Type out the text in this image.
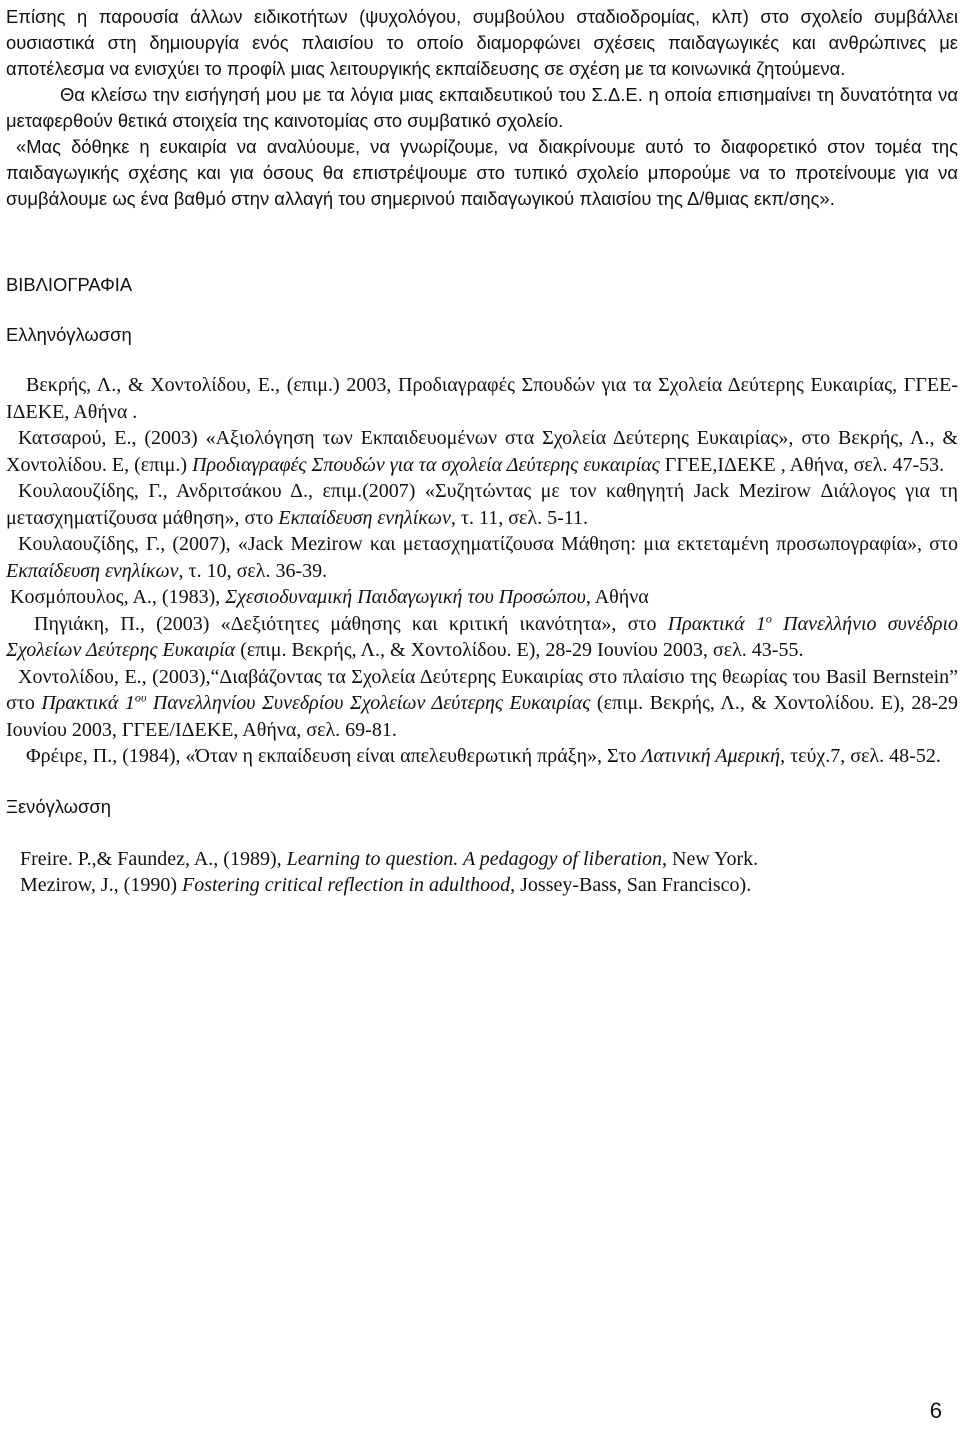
Επίσης η παρουσία άλλων ειδικοτήτων (ψυχολόγου, συμβούλου σταδιοδρομίας, κλπ) στο σχολείο συμβάλλει ουσιαστικά στη δημιουργία ενός πλαισίου το οποίο διαμορφώνει σχέσεις παιδαγωγικές και ανθρώπινες με αποτέλεσμα να ενισχύει το προφίλ μιας λειτουργικής εκπαίδευσης σε σχέση με τα κοινωνικά ζητούμενα.

Θα κλείσω την εισήγησή μου με τα λόγια μιας εκπαιδευτικού του Σ.Δ.Ε. η οποία επισημαίνει τη δυνατότητα να μεταφερθούν θετικά στοιχεία της καινοτομίας στο συμβατικό σχολείο.

«Μας δόθηκε η ευκαιρία να αναλύουμε, να γνωρίζουμε, να διακρίνουμε αυτό το διαφορετικό στον τομέα της παιδαγωγικής σχέσης και για όσους θα επιστρέψουμε στο τυπικό σχολείο μπορούμε να το προτείνουμε για να συμβάλουμε ως ένα βαθμό στην αλλαγή του σημερινού παιδαγωγικού πλαισίου της Δ/θμιας εκπ/σης».

ΒΙΒΛΙΟΓΡΑΦΙΑ

Ελληνόγλωσση

Βεκρής, Λ., & Χοντολίδου, Ε., (επιμ.) 2003, Προδιαγραφές Σπουδών για τα Σχολεία Δεύτερης Ευκαιρίας, ΓΓΕΕ-ΙΔΕΚΕ, Αθήνα .

Κατσαρού, Ε., (2003) «Αξιολόγηση των Εκπαιδευομένων στα Σχολεία Δεύτερης Ευκαιρίας», στο Βεκρής, Λ., & Χοντολίδου. Ε, (επιμ.) Προδιαγραφές Σπουδών για τα σχολεία Δεύτερης ευκαιρίας ΓΓΕΕ,ΙΔΕΚΕ , Αθήνα, σελ. 47-53.

Κουλαουζίδης, Γ., Ανδριτσάκου Δ., επιμ.(2007) «Συζητώντας με τον καθηγητή Jack Mezirow Διάλογος για τη μετασχηματίζουσα μάθηση», στο Εκπαίδευση ενηλίκων, τ. 11, σελ. 5-11.

Κουλαουζίδης, Γ., (2007), «Jack Mezirow και μετασχηματίζουσα Μάθηση: μια εκτεταμένη προσωπογραφία», στο Εκπαίδευση ενηλίκων, τ. 10, σελ. 36-39.

Κοσμόπουλος, Α., (1983), Σχεσιοδυναμική Παιδαγωγική του Προσώπου, Αθήνα

Πηγιάκη, Π., (2003) «Δεξιότητες μάθησης και κριτική ικανότητα», στο Πρακτικά $1^o$ Πανελλήνιο συνέδριο Σχολείων Δεύτερης Ευκαιρία (επιμ. Βεκρής, Λ., & Χοντολίδου. Ε), 28-29 Ιουνίου 2003, σελ. 43-55.

Χοντολίδου, Ε., (2003),“Διαβάζοντας τα Σχολεία Δεύτερης Ευκαιρίας στο πλαίσιο της θεωρίας του Basil Bernstein” στο Πρακτικά $1^{o\upsilon}$ Πανελληνίου Συνεδρίου Σχολείων Δεύτερης Ευκαιρίας (επιμ. Βεκρής, Λ., & Χοντολίδου. Ε), 28-29 Ιουνίου 2003, ΓΓΕΕ/ΙΔΕΚΕ, Αθήνα, σελ. 69-81.

Φρέιρε, Π., (1984), «Όταν η εκπαίδευση είναι απελευθερωτική πράξη», Στο Λατινική Αμερική, τεύχ.7, σελ. 48-52.

Ξενόγλωσση

Freire. P.,& Faundez, A., (1989), Learning to question. A pedagogy of liberation, New York.

Mezirow, J., (1990) Fostering critical reflection in adulthood, Jossey-Bass, San Francisco).

6
